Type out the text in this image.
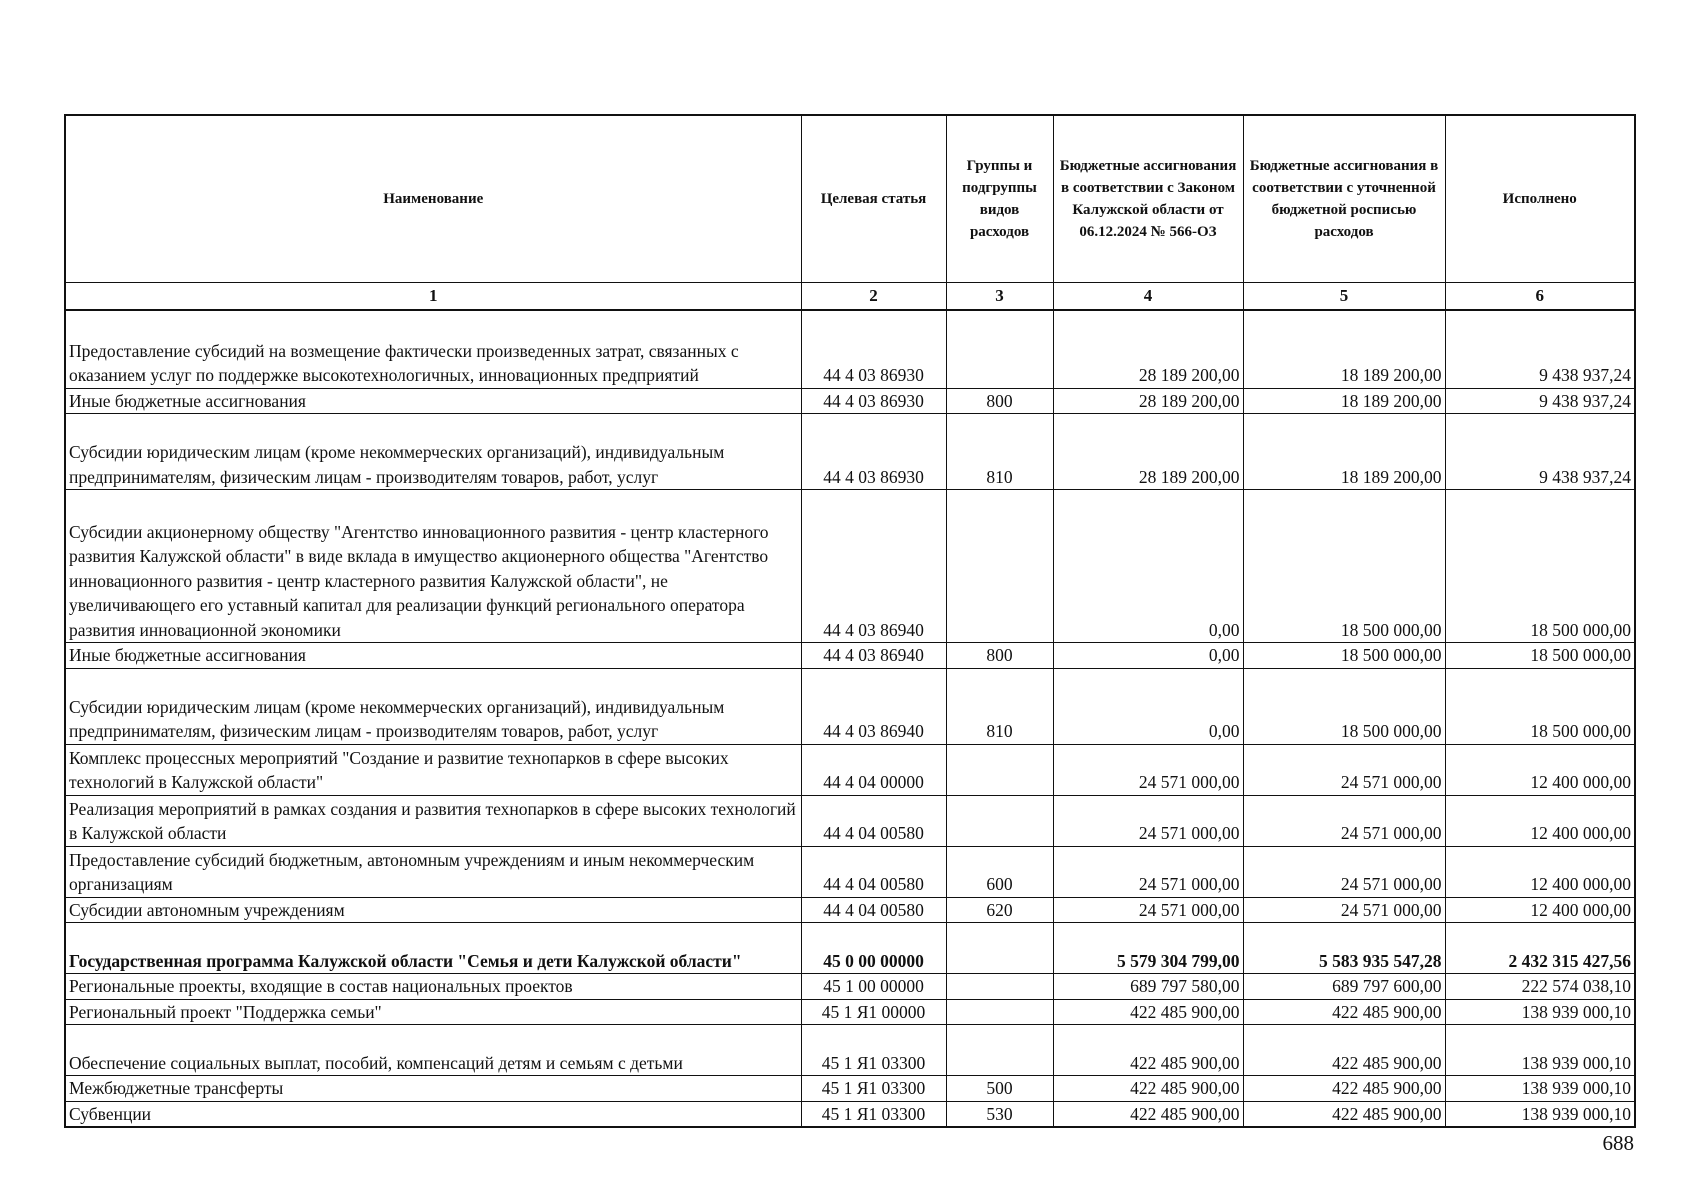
Наименование	Целевая статья	Группы и подгруппы видов расходов	Бюджетные ассигнования в соответствии с Законом Калужской области от 06.12.2024 № 566-ОЗ	Бюджетные ассигнования в соответствии с уточненной бюджетной росписью расходов	Исполнено
1	2	3	4	5	6
Предоставление субсидий на возмещение фактически произведенных затрат, связанных с оказанием услуг по поддержке высокотехнологичных, инновационных предприятий	44 4 03 86930		28 189 200,00	18 189 200,00	9 438 937,24
Иные бюджетные ассигнования	44 4 03 86930	800	28 189 200,00	18 189 200,00	9 438 937,24
Субсидии юридическим лицам (кроме некоммерческих организаций), индивидуальным предпринимателям, физическим лицам - производителям товаров, работ, услуг	44 4 03 86930	810	28 189 200,00	18 189 200,00	9 438 937,24
Субсидии акционерному обществу "Агентство инновационного развития - центр кластерного развития Калужской области" в виде вклада в имущество акционерного общества "Агентство инновационного развития - центр кластерного развития Калужской области", не увеличивающего его уставный капитал для реализации функций регионального оператора развития инновационной экономики	44 4 03 86940		0,00	18 500 000,00	18 500 000,00
Иные бюджетные ассигнования	44 4 03 86940	800	0,00	18 500 000,00	18 500 000,00
Субсидии юридическим лицам (кроме некоммерческих организаций), индивидуальным предпринимателям, физическим лицам - производителям товаров, работ, услуг	44 4 03 86940	810	0,00	18 500 000,00	18 500 000,00
Комплекс процессных мероприятий "Создание и развитие технопарков в сфере высоких технологий в Калужской области"	44 4 04 00000		24 571 000,00	24 571 000,00	12 400 000,00
Реализация мероприятий в рамках создания и развития технопарков в сфере высоких технологий в Калужской области	44 4 04 00580		24 571 000,00	24 571 000,00	12 400 000,00
Предоставление субсидий бюджетным, автономным учреждениям и иным некоммерческим организациям	44 4 04 00580	600	24 571 000,00	24 571 000,00	12 400 000,00
Субсидии автономным учреждениям	44 4 04 00580	620	24 571 000,00	24 571 000,00	12 400 000,00
Государственная программа Калужской области "Семья и дети Калужской области"	45 0 00 00000		5 579 304 799,00	5 583 935 547,28	2 432 315 427,56
Региональные проекты, входящие в состав национальных проектов	45 1 00 00000		689 797 580,00	689 797 600,00	222 574 038,10
Региональный проект "Поддержка семьи"	45 1 Я1 00000		422 485 900,00	422 485 900,00	138 939 000,10
Обеспечение социальных выплат, пособий, компенсаций детям и семьям с детьми	45 1 Я1 03300		422 485 900,00	422 485 900,00	138 939 000,10
Межбюджетные трансферты	45 1 Я1 03300	500	422 485 900,00	422 485 900,00	138 939 000,10
Субвенции	45 1 Я1 03300	530	422 485 900,00	422 485 900,00	138 939 000,10
688
